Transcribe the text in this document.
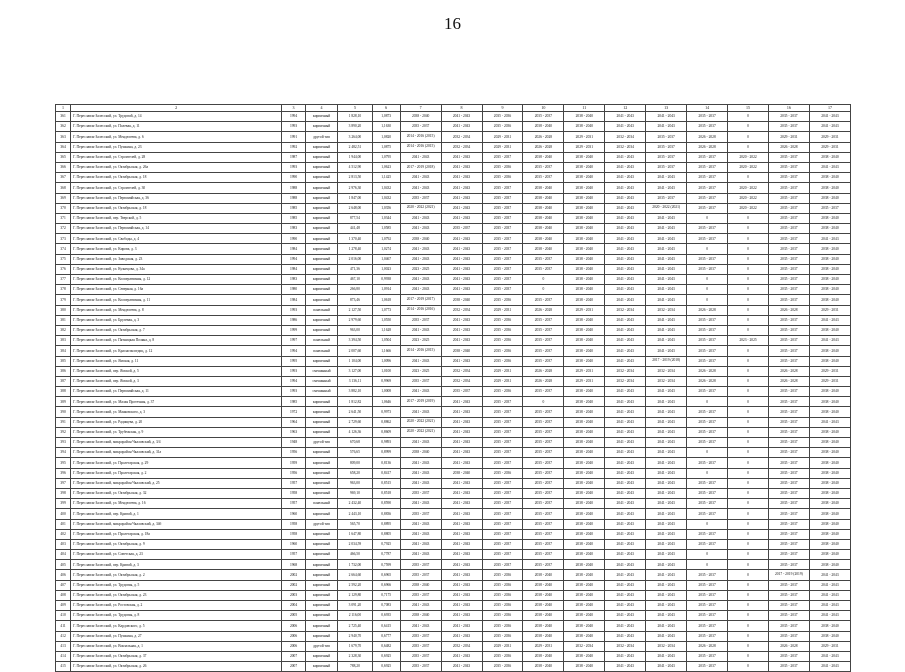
16
1	2	3	4	5	6	7	8	9	10	11	12	13	14	15	16	17
361	Г. Переславль-Залесский, ул. Трудовой, д. 14	1994	кирпичный	1 828,10	1,0873	2038 - 2040	2041 - 2043	2035 - 2036	2035 - 2037	2038 - 2040	2041 - 2043	2041 - 2043	2035 - 2037	0	2035 - 2037	2041 - 2043
362	Г. Переславль-Залесский, ул. Полевая, д. 11	1993	кирпичный	3 890,20	1,1630	2035 - 2037	2041 - 2043	2035 - 2036	2038 - 2040	2038 - 2040	2041 - 2043	2041 - 2043	2035 - 2037	0	2035 - 2037	2041 - 2043
363	Г. Переславль-Залесский, ул. Менделеева, д. 6	1991	другой тип	3 264,00	1,0820	2014 - 2016 (2015)	2032 - 2034	2029 - 2031	2026 - 2028	2029 - 2031	2032 - 2034	2035 - 2037	2026 - 2028	0	2029 - 2031	2029 - 2031
364	Г. Переславль-Залесский, ул. Пушкина, д. 23	1992	кирпичный	2 482,51	1,0875	2014 - 2016 (2015)	2032 - 2034	2029 - 2031	2026 - 2028	2029 - 2031	2032 - 2034	2035 - 2037	2026 - 2028	0	2026 - 2028	2029 - 2031
365	Г. Переславль-Залесский, ул. Строителей, д. 28	1987	кирпичный	1 944,00	1,0795	2041 - 2043	2041 - 2043	2035 - 2037	2038 - 2040	2038 - 2040	2041 - 2043	2035 - 2037	2035 - 2037	2020 - 2022	2035 - 2037	2038 - 2040
366	Г. Переславль-Залесский, ул. Октябрьская, д. 26а	1993	кирпичный	4 512,90	1,0623	2017 - 2019 (2018)	2041 - 2043	2035 - 2036	2035 - 2037	2038 - 2040	2041 - 2043	2035 - 2037	2035 - 2037	2020 - 2022	2035 - 2037	2041 - 2043
367	Г. Переславль-Залесский, ул. Октябрьская, д. 18	1990	кирпичный	2 813,50	1,1425	2041 - 2043	2041 - 2043	2035 - 2036	2035 - 2037	2038 - 2040	2041 - 2043	2041 - 2043	2035 - 2037	0	2035 - 2037	2038 - 2040
368	Г. Переславль-Залесский, ул. Строителей, д. 30	1988	кирпичный	2 976,30	1,0432	2041 - 2043	2041 - 2043	2035 - 2037	2038 - 2040	2038 - 2040	2041 - 2043	2041 - 2043	2035 - 2037	2020 - 2022	2035 - 2037	2038 - 2040
369	Г. Переславль-Залесский, ул. Первомайская, д. 36	1988	кирпичный	1 847,00	1,0432	2035 - 2037	2041 - 2043	2035 - 2037	2038 - 2040	2038 - 2040	2041 - 2043	2035 - 2037	2035 - 2037	2020 - 2022	2035 - 2037	2038 - 2040
370	Г. Переславль-Залесский, ул. Октябрьская, д. 18	1985	кирпичный	2 648,00	1,0356	2020 - 2022 (2021)	2041 - 2043	2035 - 2037	2038 - 2040	2038 - 2040	2041 - 2043	2020 - 2022 (2021)	2035 - 2037	2020 - 2022	2035 - 2037	2035 - 2037
371	Г. Переславль-Залесский, пер. Тверской, д. 5	1985	кирпичный	877,54	1,0344	2041 - 2043	2041 - 2043	2035 - 2037	2038 - 2040	2038 - 2040	2041 - 2043	2041 - 2043	0	0	2035 - 2037	2038 - 2040
372	Г. Переславль-Залесский, ул. Первомайская, д. 14	1983	кирпичный	441,48	1,0585	2041 - 2043	2035 - 2037	2035 - 2037	2038 - 2040	2038 - 2040	2041 - 2043	2041 - 2043	2035 - 2037	0	2035 - 2037	2038 - 2040
373	Г. Переславль-Залесский, ул. Свободы, д. 4	1990	кирпичный	1 370,40	1,0792	2038 - 2040	2041 - 2043	2035 - 2037	2038 - 2040	2038 - 2040	2041 - 2043	2041 - 2043	2035 - 2037	0	2035 - 2037	2041 - 2043
374	Г. Переславль-Залесский, ул. Кирова, д. 3	1984	кирпичный	1 278,40	1,0274	2041 - 2043	2041 - 2043	2035 - 2037	2038 - 2040	2038 - 2040	2041 - 2043	2041 - 2043	0	0	2035 - 2037	2038 - 2040
375	Г. Переславль-Залесский, ул. Заводская, д. 23	1994	кирпичный	2 016,00	1,0467	2041 - 2043	2041 - 2043	2035 - 2037	2035 - 2037	2038 - 2040	2041 - 2043	2041 - 2043	2035 - 2037	0	2035 - 2037	2038 - 2040
376	Г. Переславль-Залесский, ул. Кузнецова, д. 34а	1984	кирпичный	471,36	1,0023	2023 - 2025	2041 - 2043	2035 - 2037	2035 - 2037	2038 - 2040	2041 - 2043	2041 - 2043	2035 - 2037	0	2035 - 2037	2038 - 2040
377	Г. Переславль-Залесский, ул. Кооперативная, д. 12	1983	кирпичный	467,10	0,9938	2041 - 2043	2041 - 2043	2035 - 2037	0	2038 - 2040	2041 - 2043	2041 - 2043	0	0	2035 - 2037	2038 - 2040
378	Г. Переславль-Залесский, ул. Северная, д. 16а	1980	кирпичный	266,80	1,0914	2041 - 2043	2041 - 2043	2035 - 2037	0	2038 - 2040	2041 - 2043	2041 - 2043	0	0	2035 - 2037	2038 - 2040
379	Г. Переславль-Залесский, ул. Кооперативная, д. 11	1984	кирпичный	873,46	1,0618	2017 - 2019 (2017)	2038 - 2040	2035 - 2036	2035 - 2037	2038 - 2040	2041 - 2043	2041 - 2043	0	0	2035 - 2037	2038 - 2040
380	Г. Переславль-Залесский, ул. Менделеева, д. 8	1993	панельный	2 127,50	1,0773	2014 - 2016 (2016)	2032 - 2034	2029 - 2031	2026 - 2028	2029 - 2031	2032 - 2034	2032 - 2034	2026 - 2028	0	2026 - 2028	2029 - 2031
381	Г. Переславль-Залесский, ул. Брулевая, д. 3	1986	кирпичный	2 979,60	1,0550	2035 - 2037	2041 - 2043	2035 - 2036	2035 - 2037	2038 - 2040	2041 - 2043	2041 - 2043	2035 - 2037	0	2035 - 2037	2041 - 2043
382	Г. Переславль-Залесский, ул. Октябрьская, д. 7	1999	кирпичный	963,00	1,1628	2041 - 2043	2041 - 2043	2035 - 2036	2035 - 2037	2038 - 2040	2041 - 2043	2041 - 2043	2035 - 2037	0	2035 - 2037	2038 - 2040
383	Г. Переславль-Залесский, ул. Пятницкая Поляна, д. 8	1997	панельный	3 394,50	1,0504	2023 - 2025	2041 - 2043	2035 - 2036	2035 - 2037	2038 - 2040	2041 - 2043	2041 - 2043	2035 - 2037	2023 - 2025	2035 - 2037	2041 - 2043
384	Г. Переславль-Залесский, ул. Красноэкспедиц, д. 12	1994	панельный	2 007,60	1,1666	2014 - 2016 (2015)	2038 - 2040	2035 - 2036	2035 - 2037	2038 - 2040	2041 - 2043	2041 - 2043	2035 - 2037	0	2035 - 2037	2038 - 2040
385	Г. Переславль-Залесский, ул. Ямская, д. 11	1995	кирпичный	1 104,00	1,0096	2041 - 2043	2041 - 2043	2035 - 2036	2035 - 2037	2038 - 2040	2041 - 2043	2017 - 2019 (2018)	2035 - 2037	0	2035 - 2037	2038 - 2040
386	Г. Переславль-Залесский, пер. Ямской, д. 5	1993	смешанный	3 127,00	1,0100	2023 - 2025	2032 - 2034	2029 - 2031	2026 - 2028	2029 - 2031	2032 - 2034	2032 - 2034	2026 - 2028	0	2026 - 2028	2029 - 2031
387	Г. Переславль-Залесский, пер. Ямской, д. 3	1994	смешанный	3 136,11	0,9969	2035 - 2037	2032 - 2034	2029 - 2031	2026 - 2028	2029 - 2031	2032 - 2034	2032 - 2034	2026 - 2028	0	2026 - 2028	2029 - 2031
388	Г. Переславль-Залесский, ул. Первомайская, д. 11	1993	смешанный	3 882,10	1,0008	2041 - 2043	2035 - 2037	2035 - 2036	2035 - 2037	2038 - 2040	2041 - 2043	2041 - 2043	2035 - 2037	0	2035 - 2037	2038 - 2040
389	Г. Переславль-Залесский, ул. Малая Протечная, д. 37	1985	кирпичный	1 812,82	1,0646	2017 - 2019 (2019)	2041 - 2043	2035 - 2037	0	2038 - 2040	2041 - 2043	2041 - 2043	0	0	2035 - 2037	2038 - 2040
390	Г. Переславль-Залесский, ул. Маяковского, д. 3	1972	кирпичный	2 641,50	0,9973	2041 - 2043	2041 - 2043	2035 - 2037	2035 - 2037	2038 - 2040	2041 - 2043	2041 - 2043	2035 - 2037	0	2035 - 2037	2038 - 2040
391	Г. Переславль-Залесский, ул. Радищева, д. 20	1964	кирпичный	2 729,60	0,8862	2020 - 2022 (2021)	2041 - 2043	2035 - 2037	2035 - 2037	2038 - 2040	2041 - 2043	2041 - 2043	2035 - 2037	0	2035 - 2037	2041 - 2043
392	Г. Переславль-Залесский, ул. Трубежская, д. 9	1963	кирпичный	4 126,36	0,8609	2020 - 2022 (2021)	2041 - 2043	2035 - 2037	2035 - 2037	2038 - 2040	2041 - 2043	2041 - 2043	2035 - 2037	0	2035 - 2037	2038 - 2040
393	Г. Переславль-Залесский, микрорайон Чкаловский, д. 3/4	1948	другой тип	670,68	0,9893	2041 - 2043	2041 - 2043	2035 - 2037	2035 - 2037	2038 - 2040	2041 - 2043	2041 - 2043	2035 - 2037	0	2035 - 2037	2038 - 2040
394	Г. Переславль-Залесский, микрорайон Чкаловский, д. 31а	1956	кирпичный	576,65	0,8999	2038 - 2040	2041 - 2043	2035 - 2037	2035 - 2037	2038 - 2040	2041 - 2043	2041 - 2043	0	0	2035 - 2037	2038 - 2040
395	Г. Переславль-Залесский, ул. Пролетарская, д. 29	1959	кирпичный	809,00	0,8136	2041 - 2043	2041 - 2043	2035 - 2037	2035 - 2037	2038 - 2040	2041 - 2043	2041 - 2043	2035 - 2037	0	2035 - 2037	2038 - 2040
396	Г. Переславль-Залесский, ул. Пролетарская, д. 2	1956	кирпичный	658,20	0,8417	2041 - 2043	2038 - 2040	2035 - 2036	2035 - 2037	2038 - 2040	2041 - 2043	2041 - 2043	0	0	2035 - 2037	2038 - 2040
397	Г. Переславль-Залесский, микрорайон Чкаловский, д. 25	1957	кирпичный	963,00	0,8515	2041 - 2043	2041 - 2043	2035 - 2037	2035 - 2037	2038 - 2040	2041 - 2043	2041 - 2043	2035 - 2037	0	2035 - 2037	2038 - 2040
398	Г. Переславль-Залесский, ул. Октябрьская, д. 32	1958	кирпичный	969,10	0,8518	2035 - 2037	2041 - 2043	2035 - 2037	2035 - 2037	2038 - 2040	2041 - 2043	2041 - 2043	2035 - 2037	0	2035 - 2037	2038 - 2040
399	Г. Переславль-Залесский, ул. Менделеева, д. 16	1957	панельный	2 432,40	0,8590	2041 - 2043	2041 - 2043	2035 - 2037	2035 - 2037	2038 - 2040	2041 - 2043	2041 - 2043	2035 - 2037	0	2035 - 2037	2038 - 2040
400	Г. Переславль-Залесский, пер. Кривой, д. 1	1960	кирпичный	2 443,10	0,8836	2035 - 2037	2041 - 2043	2035 - 2037	2035 - 2037	2038 - 2040	2041 - 2043	2041 - 2043	2035 - 2037	0	2035 - 2037	2038 - 2040
401	Г. Переславль-Залесский, микрорайон Чкаловский, д. 34б	1958	другой тип	565,70	0,8895	2041 - 2043	2041 - 2043	2035 - 2037	2035 - 2037	2038 - 2040	2041 - 2043	2041 - 2043	0	0	2035 - 2037	2038 - 2040
402	Г. Переславль-Залесский, ул. Пролетарская, д. 18а	1958	кирпичный	1 647,80	0,8805	2041 - 2043	2041 - 2043	2035 - 2037	2035 - 2037	2038 - 2040	2041 - 2043	2041 - 2043	2035 - 2037	0	2035 - 2037	2038 - 2040
403	Г. Переславль-Залесский, ул. Октябрьская, д. 9	1960	кирпичный	2 034,59	0,7925	2041 - 2043	2041 - 2043	2035 - 2037	2035 - 2037	2038 - 2040	2041 - 2043	2041 - 2043	2035 - 2037	0	2035 - 2037	2038 - 2040
404	Г. Переславль-Залесский, ул. Советская, д. 23	1957	кирпичный	466,50	0,7787	2041 - 2043	2041 - 2043	2035 - 2037	2035 - 2037	2038 - 2040	2041 - 2043	2041 - 2043	0	0	2035 - 2037	2038 - 2040
405	Г. Переславль-Залесский, пер. Кривой, д. 3	1968	кирпичный	1 732,00	0,7599	2035 - 2037	2041 - 2043	2035 - 2037	2035 - 2037	2038 - 2040	2041 - 2043	2041 - 2043	0	0	2035 - 2037	2038 - 2040
406	Г. Переславль-Залесский, ул. Октябрьская, д. 2	2002	кирпичный	2 664,60	0,6965	2035 - 2037	2041 - 2043	2035 - 2036	2038 - 2040	2038 - 2040	2041 - 2043	2041 - 2043	2035 - 2037	0	2017 - 2019 (2019)	2041 - 2043
407	Г. Переславль-Залесский, ул. Трудовая, д. 5	2002	кирпичный	2 592,20	0,6966	2038 - 2040	2041 - 2043	2035 - 2036	2038 - 2040	2038 - 2040	2041 - 2043	2041 - 2043	2035 - 2037	0	2035 - 2037	2041 - 2043
408	Г. Переславль-Залесский, ул. Октябрьская, д. 23	2003	кирпичный	2 129,80	0,7175	2035 - 2037	2041 - 2043	2035 - 2036	2038 - 2040	2038 - 2040	2041 - 2043	2041 - 2043	2035 - 2037	0	2035 - 2037	2041 - 2043
409	Г. Переславль-Залесский, ул. Ростовская, д. 2	2004	кирпичный	3 091,20	0,7083	2041 - 2043	2041 - 2043	2035 - 2036	2038 - 2040	2038 - 2040	2041 - 2043	2041 - 2043	2035 - 2037	0	2035 - 2037	2041 - 2043
410	Г. Переславль-Залесский, ул. Трудовая, д. 8	2005	кирпичный	2 116,00	0,6935	2038 - 2040	2041 - 2043	2035 - 2036	2038 - 2040	2038 - 2040	2041 - 2043	2041 - 2043	2035 - 2037	0	2035 - 2037	2041 - 2043
411	Г. Переславль-Залесский, ул. Кардовского, д. 5	2006	кирпичный	2 725,40	0,6415	2041 - 2043	2041 - 2043	2035 - 2036	2038 - 2040	2038 - 2040	2041 - 2043	2041 - 2043	2035 - 2037	0	2035 - 2037	2038 - 2040
412	Г. Переславль-Залесский, ул. Пушкина, д. 27	2006	кирпичный	2 940,70	0,6777	2035 - 2037	2041 - 2043	2035 - 2036	2038 - 2040	2038 - 2040	2041 - 2043	2041 - 2043	2035 - 2037	0	2035 - 2037	2038 - 2040
413	Г. Переславль-Залесский, ул. Вокзальная, д. 1	2006	другой тип	1 679,70	0,6482	2035 - 2037	2032 - 2034	2029 - 2031	2029 - 2031	2032 - 2034	2032 - 2034	2032 - 2034	2026 - 2028	0	2026 - 2028	2029 - 2031
414	Г. Переславль-Залесский, ул. Октябрьская, д. 37	2007	кирпичный	2 328,30	0,6925	2035 - 2037	2041 - 2043	2035 - 2036	2038 - 2040	2038 - 2040	2041 - 2043	2041 - 2043	2035 - 2037	0	2035 - 2037	2041 - 2043
415	Г. Переславль-Залесский, ул. Октябрьская, д. 26	2007	кирпичный	788,20	0,6925	2035 - 2037	2041 - 2043	2035 - 2036	2038 - 2040	2038 - 2040	2041 - 2043	2041 - 2043	2035 - 2037	0	2035 - 2037	2041 - 2043
